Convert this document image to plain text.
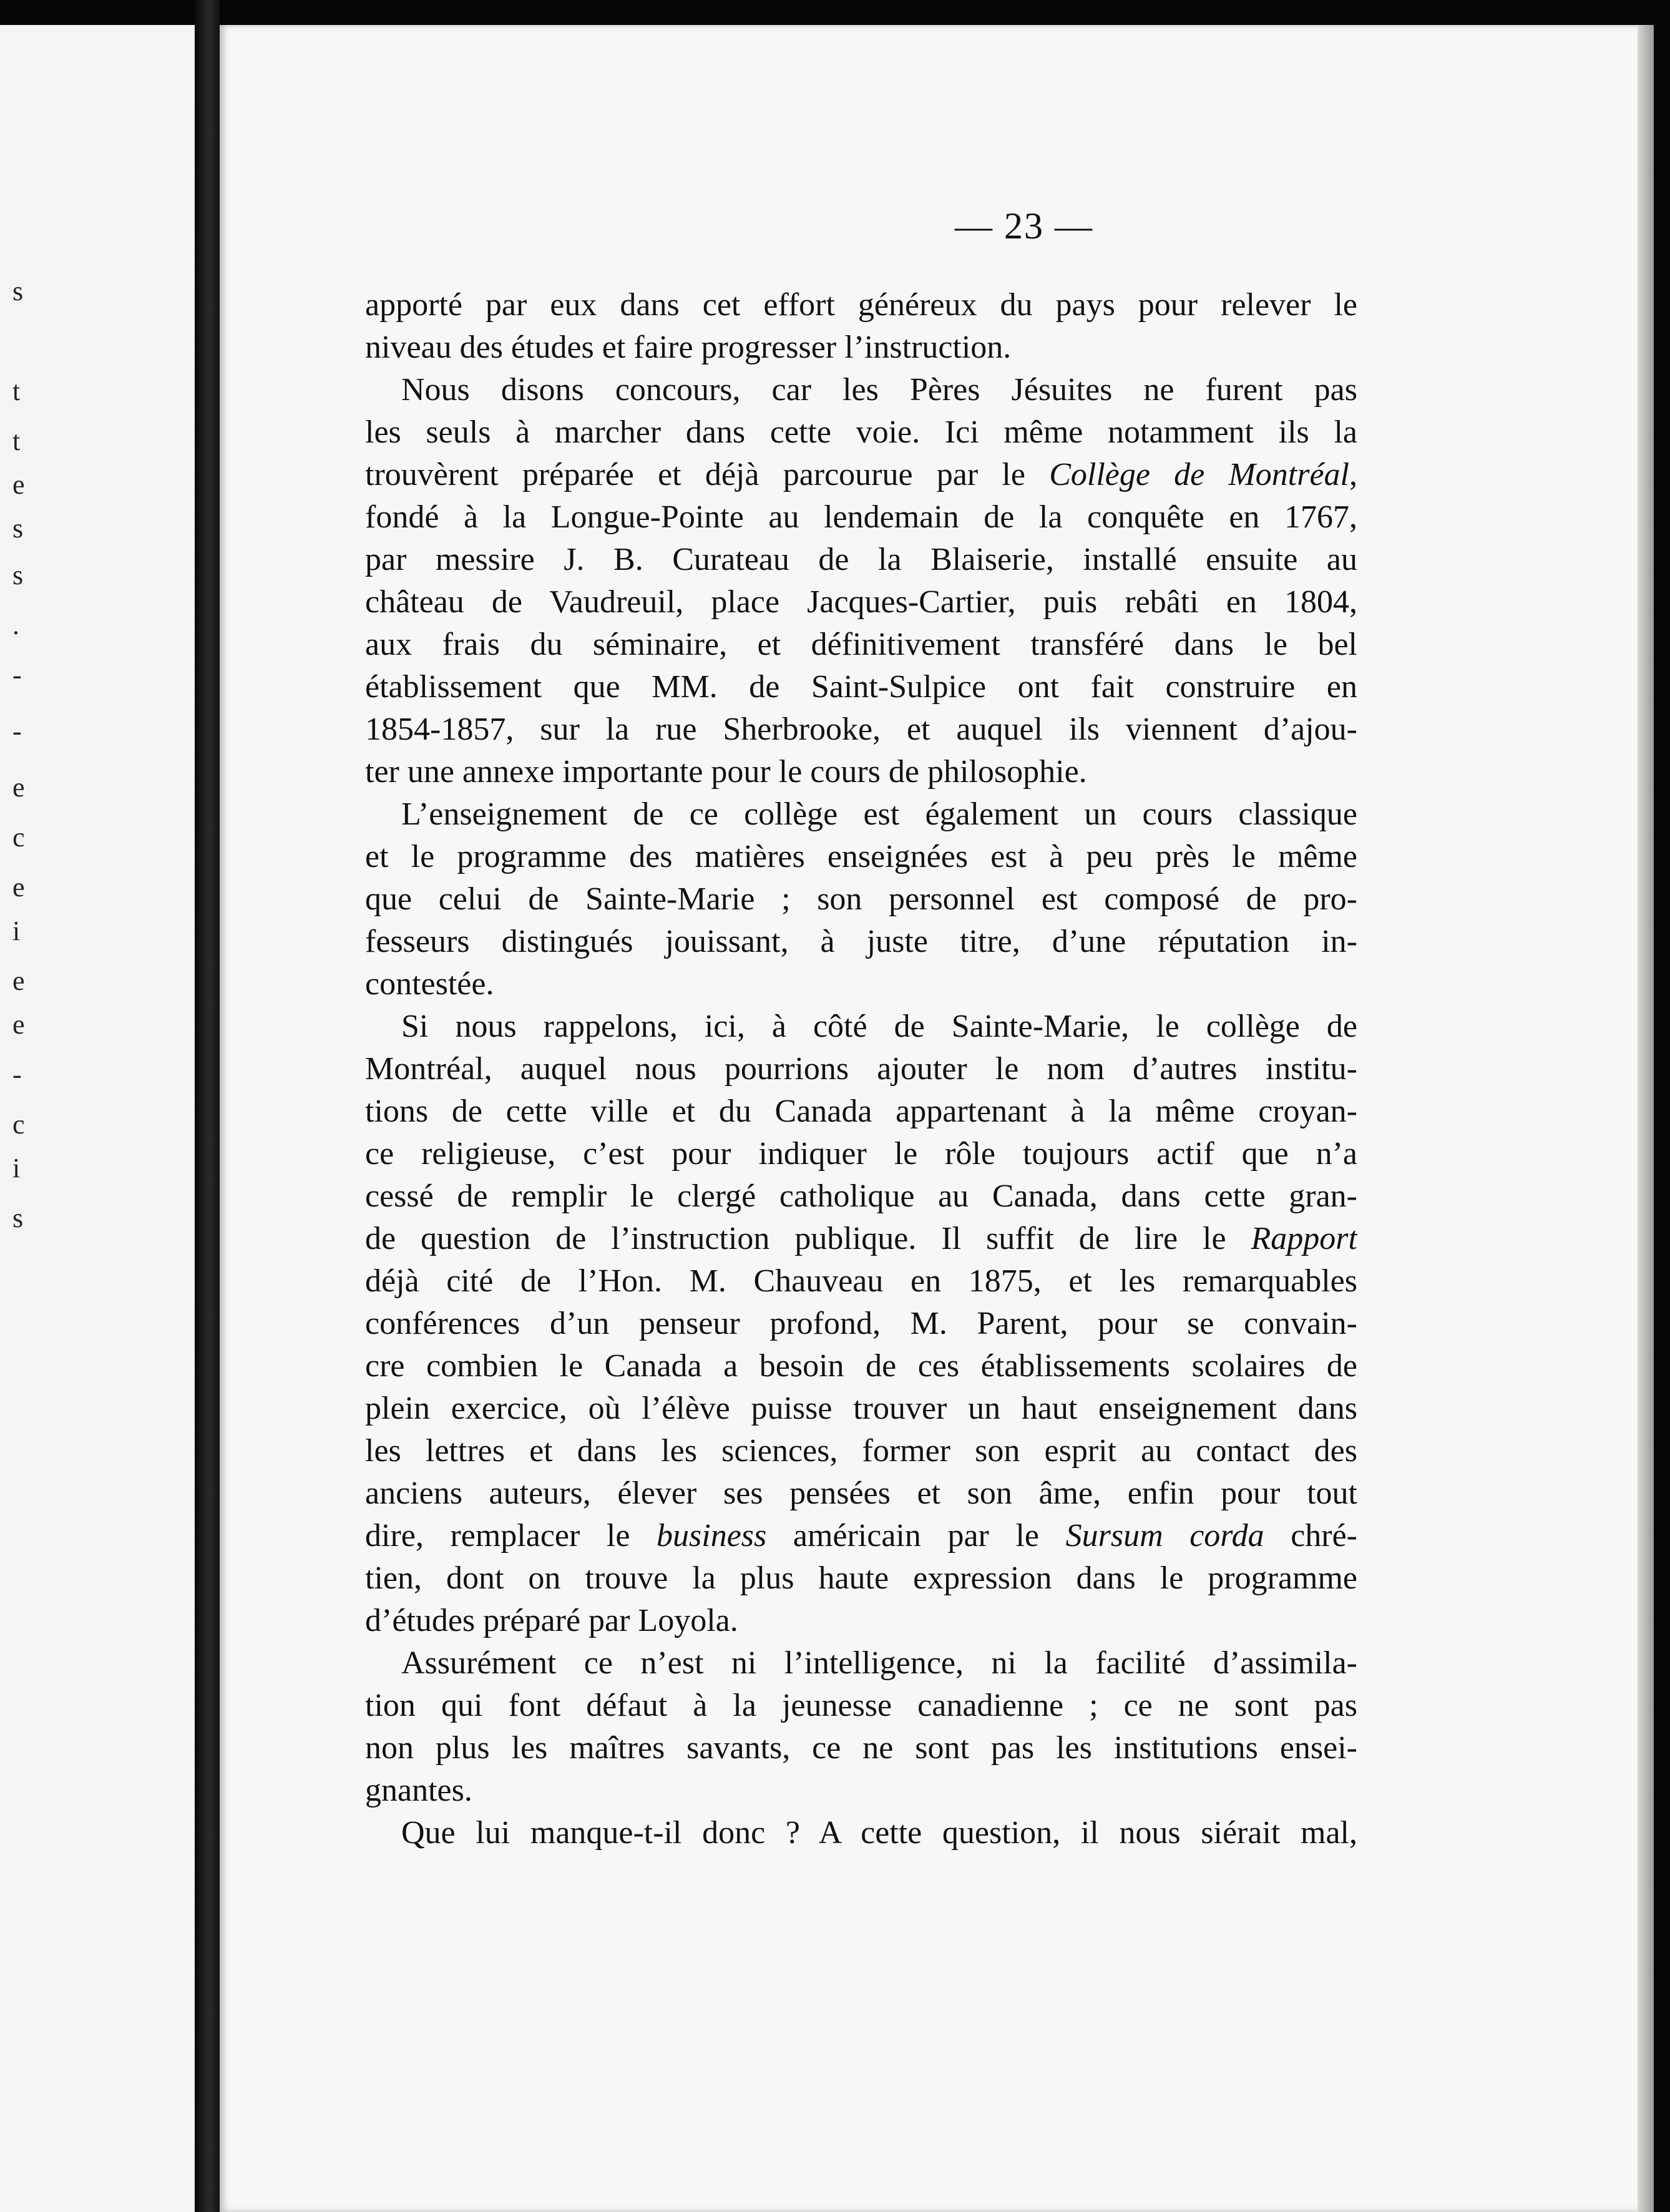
s
t
t
e
s
s
.
-
-
e
c
e
i
e
e
-
c
i
s
— 23 —
apporté par eux dans cet effort généreux du pays pour relever le
niveau des études et faire progresser l’instruction.
Nous disons concours, car les Pères Jésuites ne furent pas
les seuls à marcher dans cette voie. Ici même notamment ils la
trouvèrent préparée et déjà parcourue par le Collège de Montréal,
fondé à la Longue-Pointe au lendemain de la conquête en 1767,
par messire J. B. Curateau de la Blaiserie, installé ensuite au
château de Vaudreuil, place Jacques-Cartier, puis rebâti en 1804,
aux frais du séminaire, et définitivement transféré dans le bel
établissement que MM. de Saint-Sulpice ont fait construire en
1854-1857, sur la rue Sherbrooke, et auquel ils viennent d’ajou-
ter une annexe importante pour le cours de philosophie.
L’enseignement de ce collège est également un cours classique
et le programme des matières enseignées est à peu près le même
que celui de Sainte-Marie ; son personnel est composé de pro-
fesseurs distingués jouissant, à juste titre, d’une réputation in-
contestée.
Si nous rappelons, ici, à côté de Sainte-Marie, le collège de
Montréal, auquel nous pourrions ajouter le nom d’autres institu-
tions de cette ville et du Canada appartenant à la même croyan-
ce religieuse, c’est pour indiquer le rôle toujours actif que n’a
cessé de remplir le clergé catholique au Canada, dans cette gran-
de question de l’instruction publique. Il suffit de lire le Rapport
déjà cité de l’Hon. M. Chauveau en 1875, et les remarquables
conférences d’un penseur profond, M. Parent, pour se convain-
cre combien le Canada a besoin de ces établissements scolaires de
plein exercice, où l’élève puisse trouver un haut enseignement dans
les lettres et dans les sciences, former son esprit au contact des
anciens auteurs, élever ses pensées et son âme, enfin pour tout
dire, remplacer le business américain par le Sursum corda chré-
tien, dont on trouve la plus haute expression dans le programme
d’études préparé par Loyola.
Assurément ce n’est ni l’intelligence, ni la facilité d’assimila-
tion qui font défaut à la jeunesse canadienne ; ce ne sont pas
non plus les maîtres savants, ce ne sont pas les institutions ensei-
gnantes.
Que lui manque-t-il donc ? A cette question, il nous siérait mal,
